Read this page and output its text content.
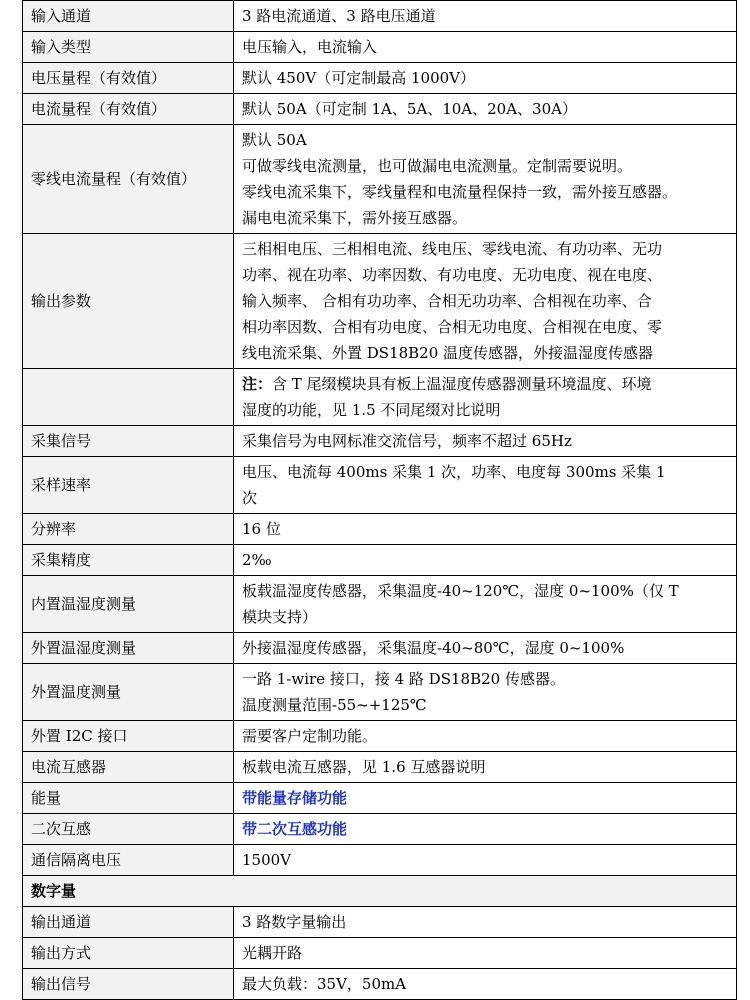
输入通道	3 路电流通道、3 路电压通道

输入类型	电压输入，电流输入

电压量程（有效值）	默认 450V（可定制最高 1000V）

电流量程（有效值）	默认 50A（可定制 1A、5A、10A、20A、30A）

零线电流量程（有效值）	默认 50A
可做零线电流测量，也可做漏电电流测量。定制需要说明。
零线电流采集下，零线量程和电流量程保持一致，需外接互感器。
漏电电流采集下，需外接互感器。

输出参数	三相相电压、三相相电流、线电压、零线电流、有功功率、无功
功率、视在功率、功率因数、有功电度、无功电度、视在电度、
输入频率、 合相有功功率、合相无功功率、合相视在功率、合
相功率因数、合相有功电度、合相无功电度、合相视在电度、零
线电流采集、外置 DS18B20 温度传感器，外接温湿度传感器

	注：含 T 尾缀模块具有板上温湿度传感器测量环境温度、环境
湿度的功能，见 1.5 不同尾缀对比说明

采集信号	采集信号为电网标准交流信号，频率不超过 65Hz

采样速率	电压、电流每 400ms 采集 1 次，功率、电度每 300ms 采集 1
次

分辨率	16 位

采集精度	2‰

内置温湿度测量	板载温湿度传感器，采集温度-40~120℃，湿度 0~100%（仅 T
模块支持）

外置温湿度测量	外接温湿度传感器，采集温度-40~80℃，湿度 0~100%

外置温度测量	一路 1-wire 接口，接 4 路 DS18B20 传感器。
温度测量范围-55~+125℃

外置 I2C 接口	需要客户定制功能。

电流互感器	板载电流互感器，见 1.6 互感器说明

能量	带能量存储功能
二次互感	带二次互感功能
通信隔离电压	1500V

数字量	
输出通道	3 路数字量输出

输出方式	光耦开路

输出信号	最大负载：35V，50mA
